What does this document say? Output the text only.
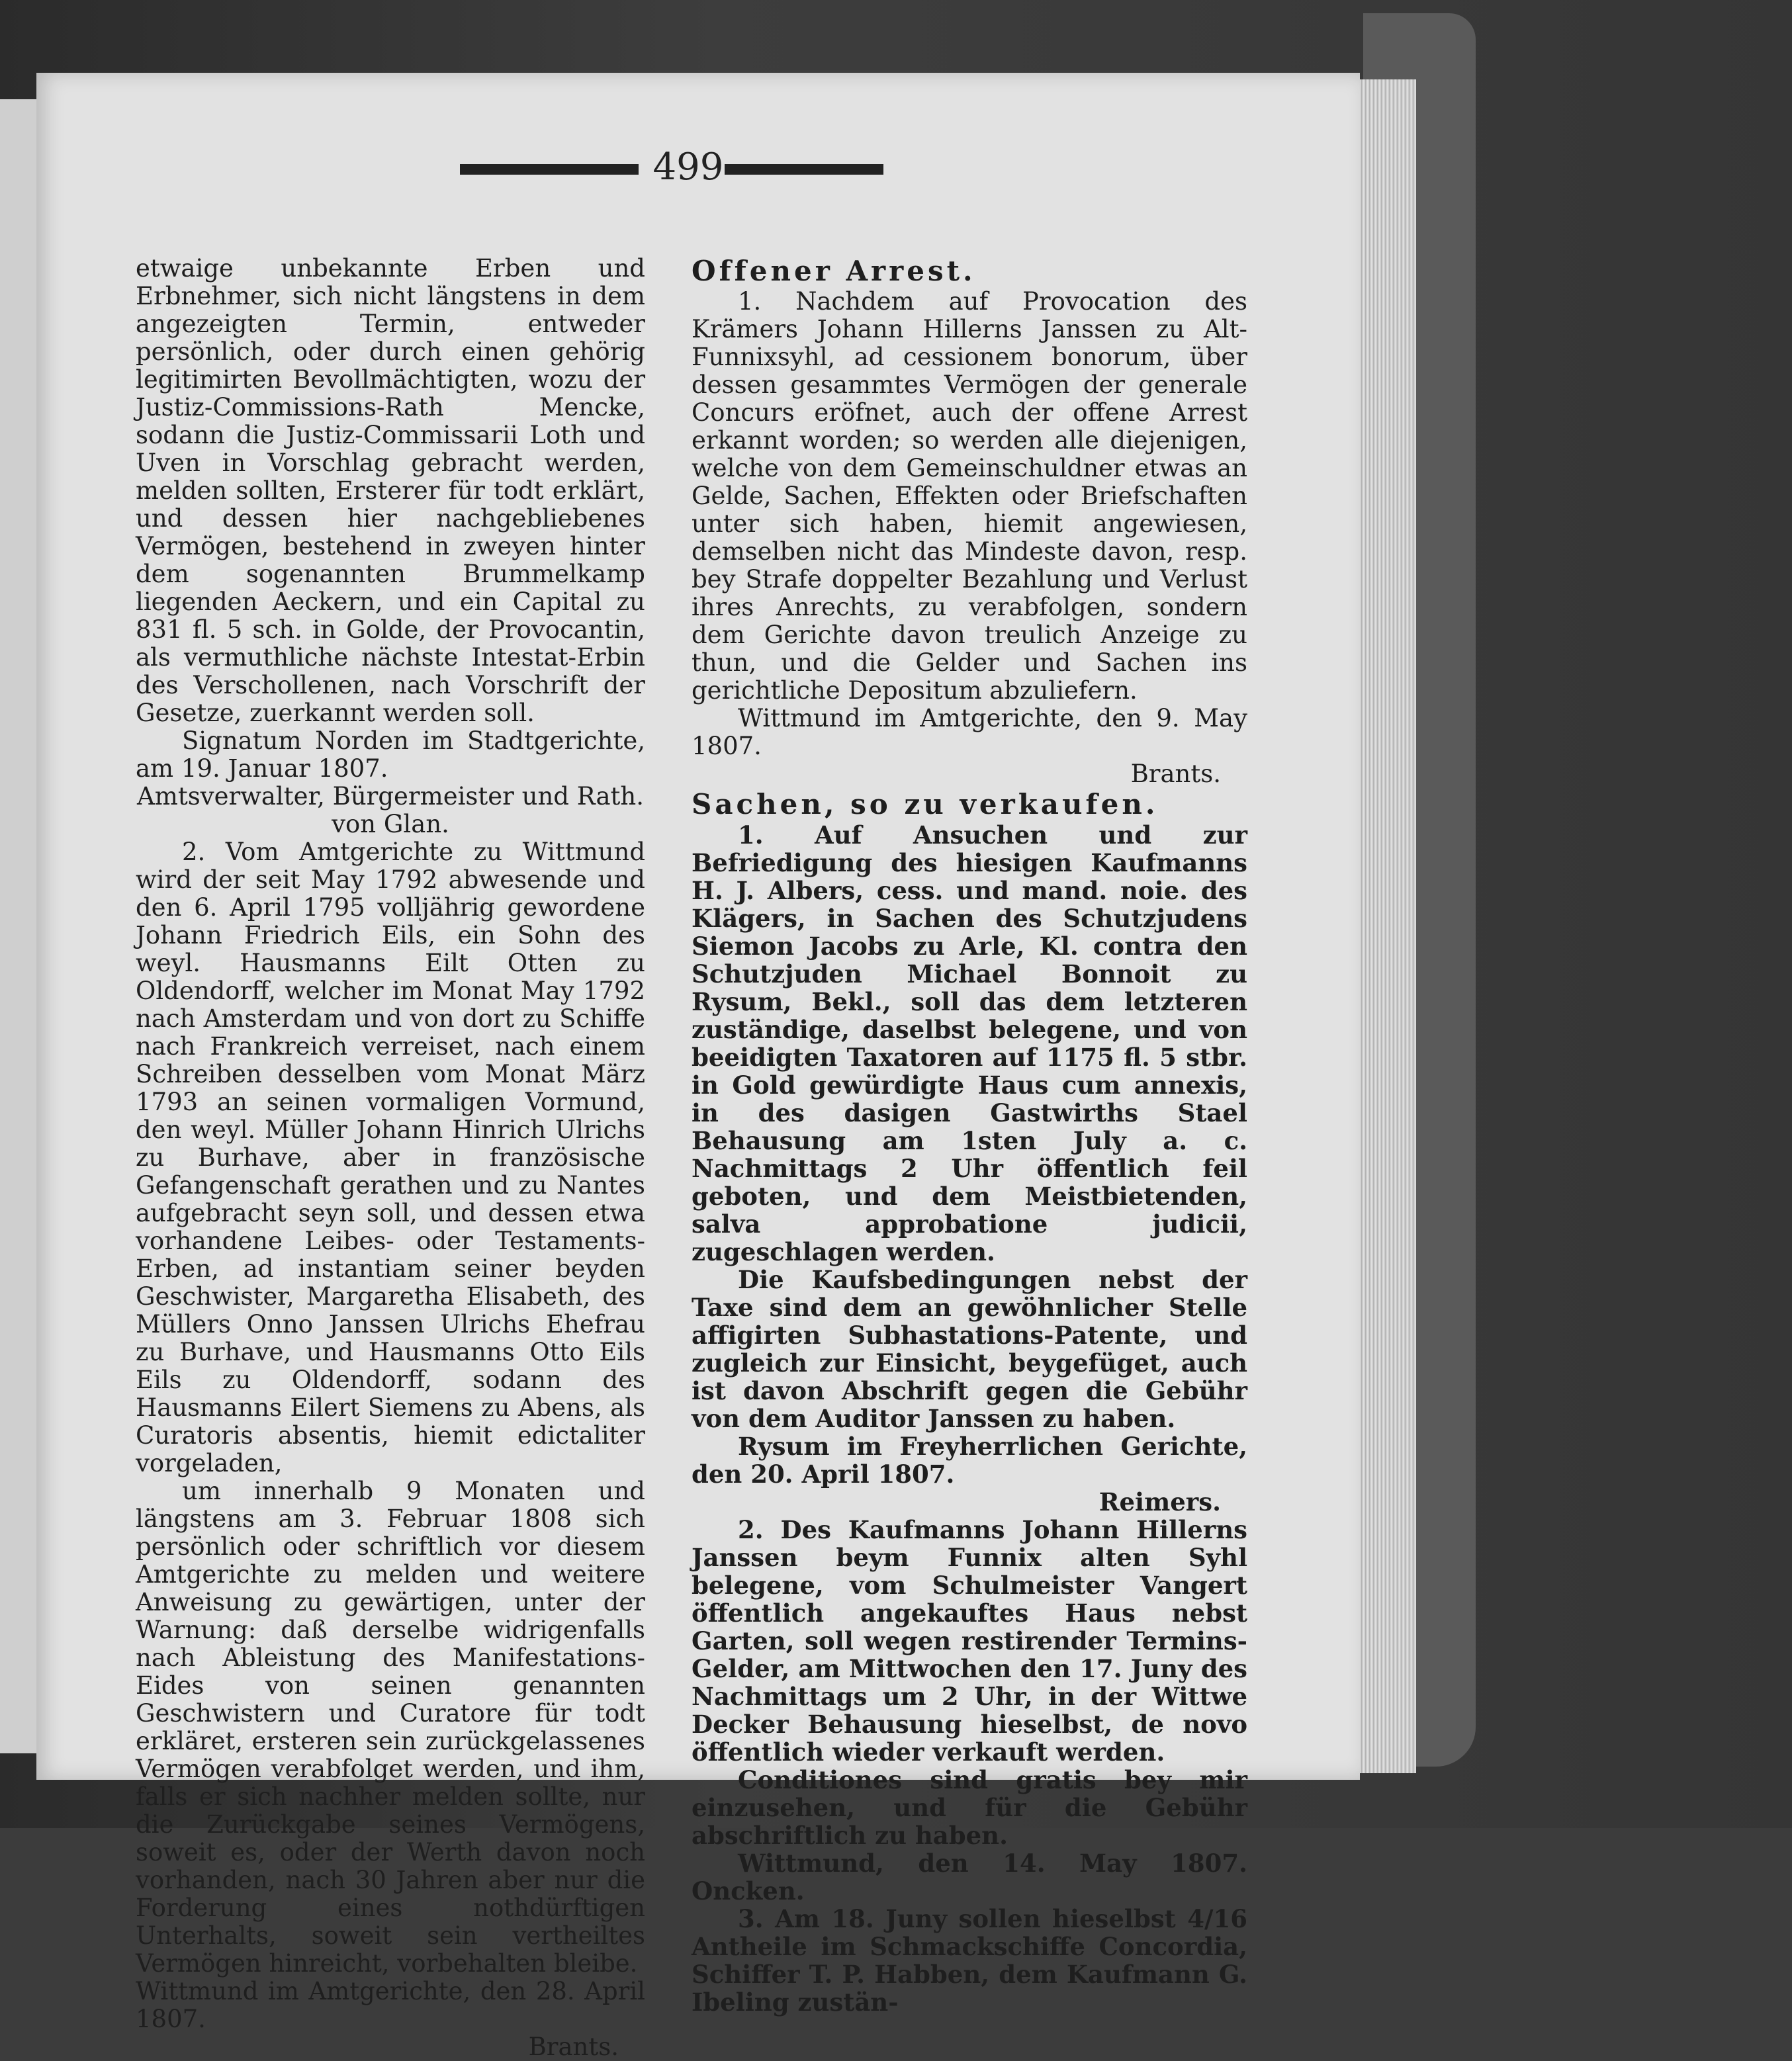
499

etwaige unbekannte Erben und Erbnehmer, sich nicht längstens in dem angezeigten Termin, entweder persönlich, oder durch einen gehörig legitimirten Bevollmächtigten, wozu der Justiz-Commissions-Rath Mencke, sodann die Justiz-Commissarii Loth und Uven in Vorschlag gebracht werden, melden sollten, Ersterer für todt erklärt, und dessen hier nachgebliebenes Vermögen, bestehend in zweyen hinter dem sogenannten Brummelkamp liegenden Aeckern, und ein Capital zu 831 fl. 5 sch. in Golde, der Provocantin, als vermuthliche nächste Intestat-Erbin des Verschollenen, nach Vorschrift der Gesetze, zuerkannt werden soll.

Signatum Norden im Stadtgerichte, am 19. Januar 1807.

Amtsverwalter, Bürgermeister und Rath.

von Glan.

2. Vom Amtgerichte zu Wittmund wird der seit May 1792 abwesende und den 6. April 1795 volljährig gewordene Johann Friedrich Eils, ein Sohn des weyl. Hausmanns Eilt Otten zu Oldendorff, welcher im Monat May 1792 nach Amsterdam und von dort zu Schiffe nach Frankreich verreiset, nach einem Schreiben desselben vom Monat März 1793 an seinen vormaligen Vormund, den weyl. Müller Johann Hinrich Ulrichs zu Burhave, aber in französische Gefangenschaft gerathen und zu Nantes aufgebracht seyn soll, und dessen etwa vorhandene Leibes- oder Testaments-Erben, ad instantiam seiner beyden Geschwister, Margaretha Elisabeth, des Müllers Onno Janssen Ulrichs Ehefrau zu Burhave, und Hausmanns Otto Eils Eils zu Oldendorff, sodann des Hausmanns Eilert Siemens zu Abens, als Curatoris absentis, hiemit edictaliter vorgeladen,

um innerhalb 9 Monaten und längstens am 3. Februar 1808 sich persönlich oder schriftlich vor diesem Amtgerichte zu melden und weitere Anweisung zu gewärtigen, unter der Warnung: daß derselbe widrigenfalls nach Ableistung des Manifestations-Eides von seinen genannten Geschwistern und Curatore für todt erkläret, ersteren sein zurückgelassenes Vermögen verabfolget werden, und ihm, falls er sich nachher melden sollte, nur die Zurückgabe seines Vermögens, soweit es, oder der Werth davon noch vorhanden, nach 30 Jahren aber nur die Forderung eines nothdürftigen Unterhalts, soweit sein vertheiltes Vermögen hinreicht, vorbehalten bleibe.

Wittmund im Amtgerichte, den 28. April 1807.

Brants.

Offener Arrest.

1. Nachdem auf Provocation des Krämers Johann Hillerns Janssen zu Alt-Funnixsyhl, ad cessionem bonorum, über dessen gesammtes Vermögen der generale Concurs eröfnet, auch der offene Arrest erkannt worden; so werden alle diejenigen, welche von dem Gemeinschuldner etwas an Gelde, Sachen, Effekten oder Briefschaften unter sich haben, hiemit angewiesen, demselben nicht das Mindeste davon, resp. bey Strafe doppelter Bezahlung und Verlust ihres Anrechts, zu verabfolgen, sondern dem Gerichte davon treulich Anzeige zu thun, und die Gelder und Sachen ins gerichtliche Depositum abzuliefern.

Wittmund im Amtgerichte, den 9. May 1807.

Brants.

Sachen, so zu verkaufen.

1. Auf Ansuchen und zur Befriedigung des hiesigen Kaufmanns H. J. Albers, cess. und mand. noie. des Klägers, in Sachen des Schutzjudens Siemon Jacobs zu Arle, Kl. contra den Schutzjuden Michael Bonnoit zu Rysum, Bekl., soll das dem letzteren zuständige, daselbst belegene, und von beeidigten Taxatoren auf 1175 fl. 5 stbr. in Gold gewürdigte Haus cum annexis, in des dasigen Gastwirths Stael Behausung am 1sten July a. c. Nachmittags 2 Uhr öffentlich feil geboten, und dem Meistbietenden, salva approbatione judicii, zugeschlagen werden.

Die Kaufsbedingungen nebst der Taxe sind dem an gewöhnlicher Stelle affigirten Subhastations-Patente, und zugleich zur Einsicht, beygefüget, auch ist davon Abschrift gegen die Gebühr von dem Auditor Janssen zu haben.

Rysum im Freyherrlichen Gerichte, den 20. April 1807.

Reimers.

2. Des Kaufmanns Johann Hillerns Janssen beym Funnix alten Syhl belegene, vom Schulmeister Vangert öffentlich angekauftes Haus nebst Garten, soll wegen restirender Termins-Gelder, am Mittwochen den 17. Juny des Nachmittags um 2 Uhr, in der Wittwe Decker Behausung hieselbst, de novo öffentlich wieder verkauft werden.

Conditiones sind gratis bey mir einzusehen, und für die Gebühr abschriftlich zu haben.

Wittmund, den 14. May 1807. Oncken.

3. Am 18. Juny sollen hieselbst 4/16 Antheile im Schmackschiffe Concordia, Schiffer T. P. Habben, dem Kaufmann G. Ibeling zustän-
